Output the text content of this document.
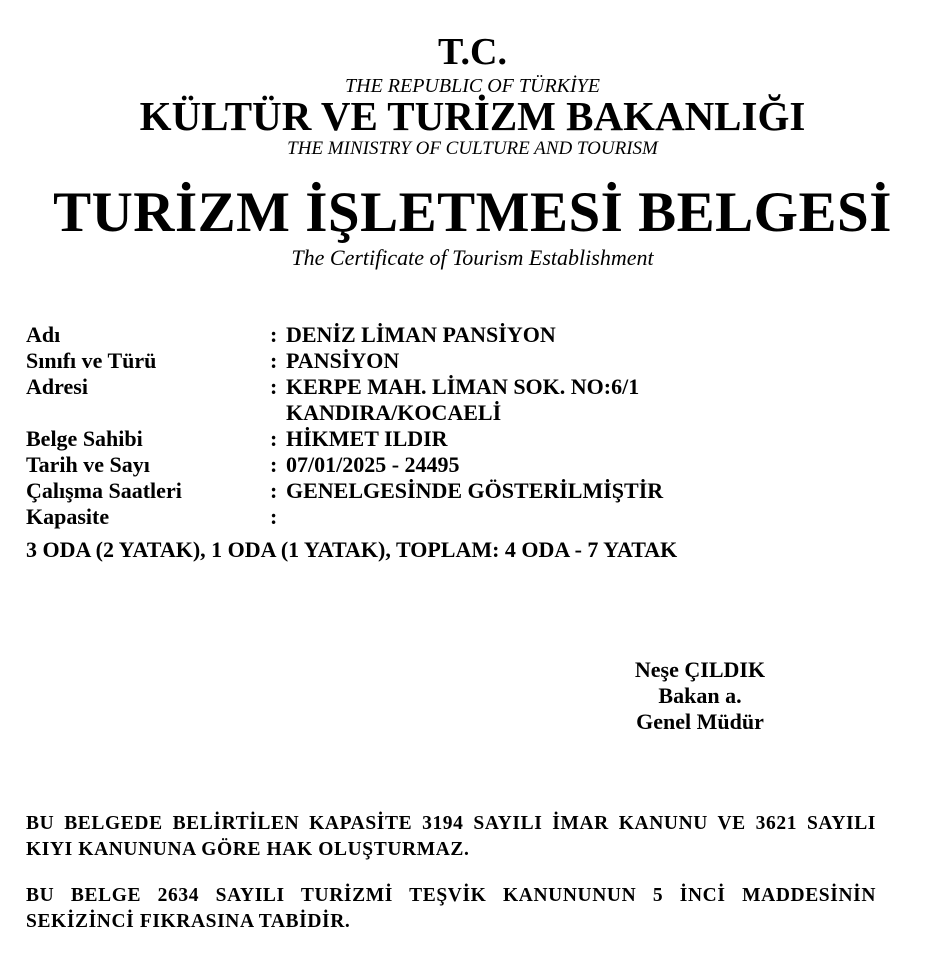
T.C.
THE REPUBLIC OF TÜRKİYE
KÜLTÜR VE TURİZM BAKANLIĞI
THE MINISTRY OF CULTURE AND TOURISM
TURİZM İŞLETMESİ BELGESİ
The Certificate of Tourism Establishment
Adı	: DENİZ LİMAN PANSİYON
Sınıfı ve Türü	: PANSİYON
Adresi	: KERPE MAH. LİMAN SOK. NO:6/1
KANDIRA/KOCAELİ
Belge Sahibi	: HİKMET ILDIR
Tarih ve Sayı	: 07/01/2025 - 24495
Çalışma Saatleri	: GENELGESİNDE GÖSTERİLMİŞTİR
Kapasite	:
3 ODA (2 YATAK), 1 ODA (1 YATAK), TOPLAM: 4 ODA - 7 YATAK
Neşe ÇILDIK
Bakan a.
Genel Müdür
BU BELGEDE BELİRTİLEN KAPASİTE 3194 SAYILI İMAR KANUNU VE 3621 SAYILI KIYI KANUNUNA GÖRE HAK OLUŞTURMAZ.
BU BELGE 2634 SAYILI TURİZMİ TEŞVİK KANUNUNUN 5 İNCİ MADDESİNİN SEKİZİNCİ FIKRASINA TABİDİR.
